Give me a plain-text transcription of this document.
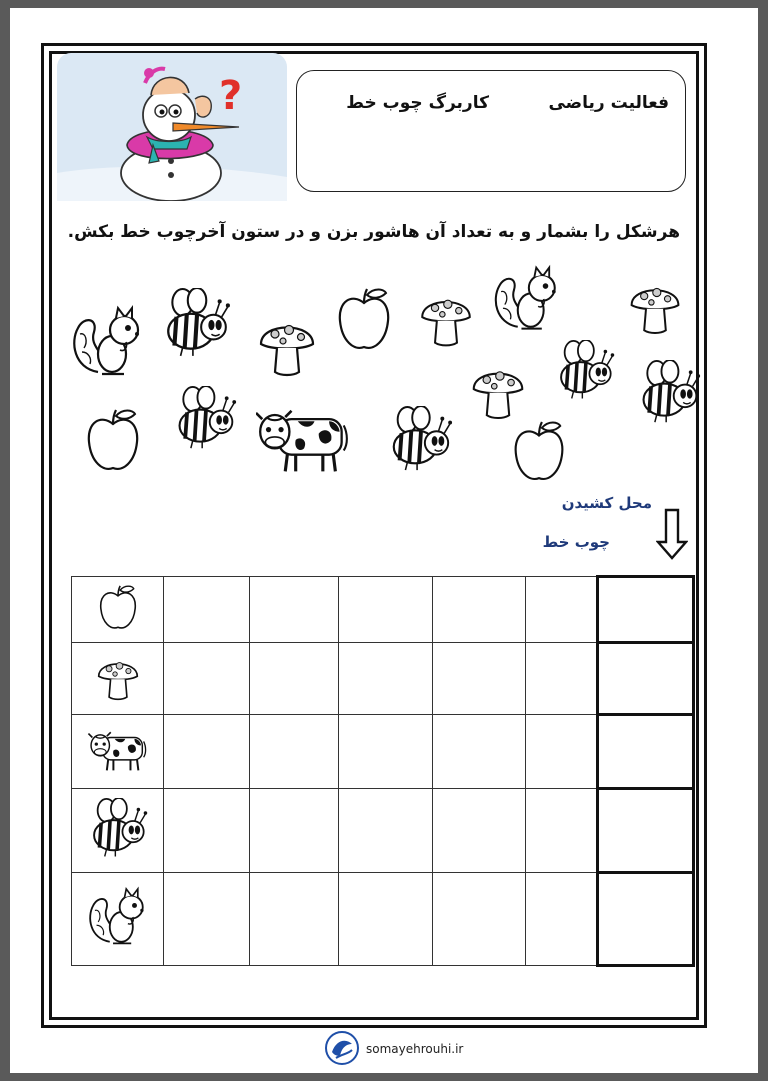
?	فعالیت ریاضی
کاربرگ چوب خط
هرشکل را بشمار و به تعداد آن هاشور بزن و در ستون آخرچوب خط بکش.
محل کشیدن
چوب خط

somayehrouhi.ir
